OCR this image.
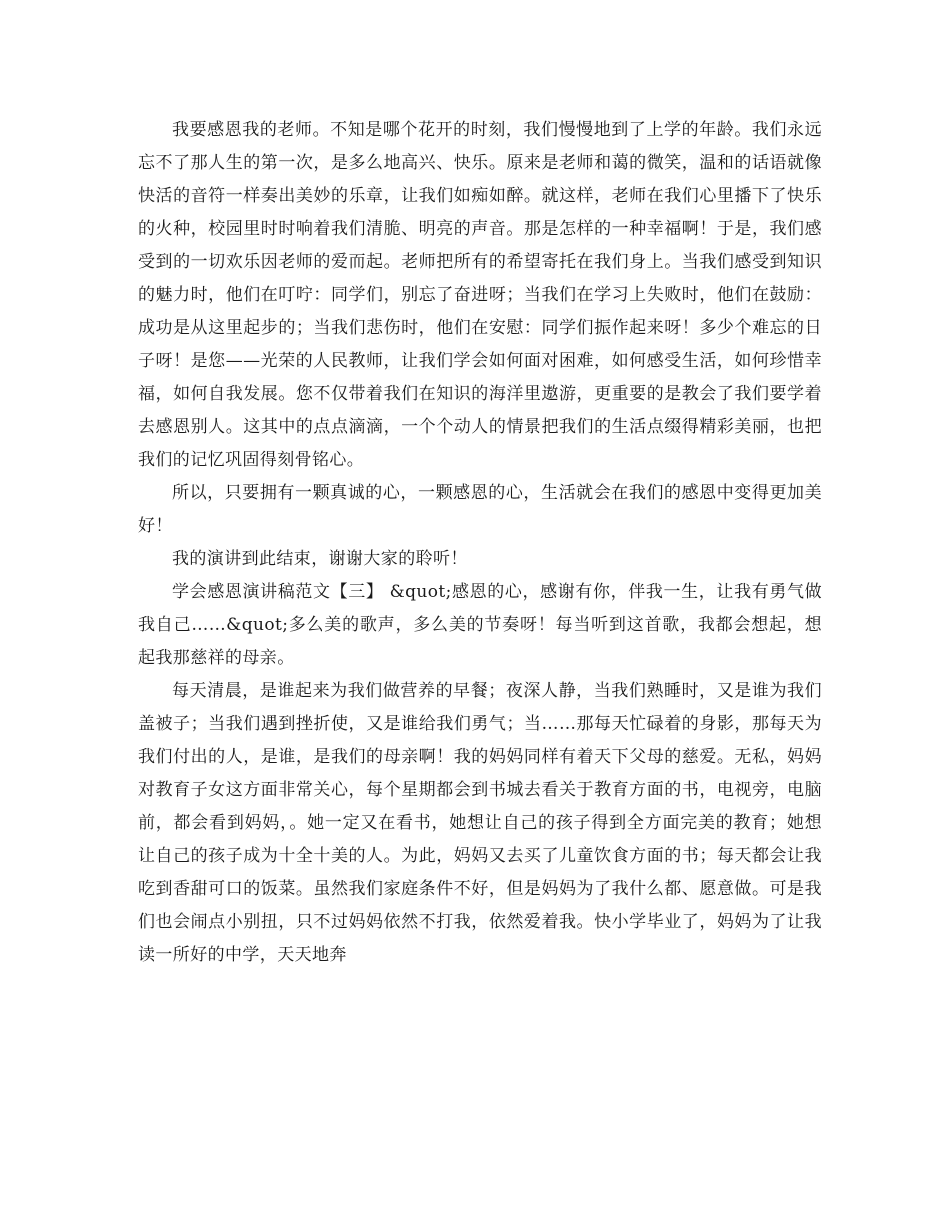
我要感恩我的老师。不知是哪个花开的时刻，我们慢慢地到了上学的年龄。我们永远忘不了那人生的第一次，是多么地高兴、快乐。原来是老师和蔼的微笑，温和的话语就像快活的音符一样奏出美妙的乐章，让我们如痴如醉。就这样，老师在我们心里播下了快乐的火种，校园里时时响着我们清脆、明亮的声音。那是怎样的一种幸福啊！于是，我们感受到的一切欢乐因老师的爱而起。老师把所有的希望寄托在我们身上。当我们感受到知识的魅力时，他们在叮咛：同学们，别忘了奋进呀；当我们在学习上失败时，他们在鼓励：成功是从这里起步的；当我们悲伤时，他们在安慰：同学们振作起来呀！多少个难忘的日子呀！是您——光荣的人民教师，让我们学会如何面对困难，如何感受生活，如何珍惜幸福，如何自我发展。您不仅带着我们在知识的海洋里遨游，更重要的是教会了我们要学着去感恩别人。这其中的点点滴滴，一个个动人的情景把我们的生活点缀得精彩美丽，也把我们的记忆巩固得刻骨铭心。

所以，只要拥有一颗真诚的心，一颗感恩的心，生活就会在我们的感恩中变得更加美好！

我的演讲到此结束，谢谢大家的聆听！

学会感恩演讲稿范文【三】 &quot;感恩的心，感谢有你，伴我一生，让我有勇气做我自己……&quot;多么美的歌声，多么美的节奏呀！每当听到这首歌，我都会想起，想起我那慈祥的母亲。

每天清晨，是谁起来为我们做营养的早餐；夜深人静，当我们熟睡时，又是谁为我们盖被子；当我们遇到挫折使，又是谁给我们勇气；当……那每天忙碌着的身影，那每天为我们付出的人，是谁，是我们的母亲啊！我的妈妈同样有着天下父母的慈爱。无私，妈妈对教育子女这方面非常关心，每个星期都会到书城去看关于教育方面的书，电视旁，电脑前，都会看到妈妈，。她一定又在看书，她想让自己的孩子得到全方面完美的教育；她想让自己的孩子成为十全十美的人。为此，妈妈又去买了儿童饮食方面的书；每天都会让我吃到香甜可口的饭菜。虽然我们家庭条件不好，但是妈妈为了我什么都、愿意做。可是我们也会闹点小别扭，只不过妈妈依然不打我，依然爱着我。快小学毕业了，妈妈为了让我读一所好的中学，天天地奔
